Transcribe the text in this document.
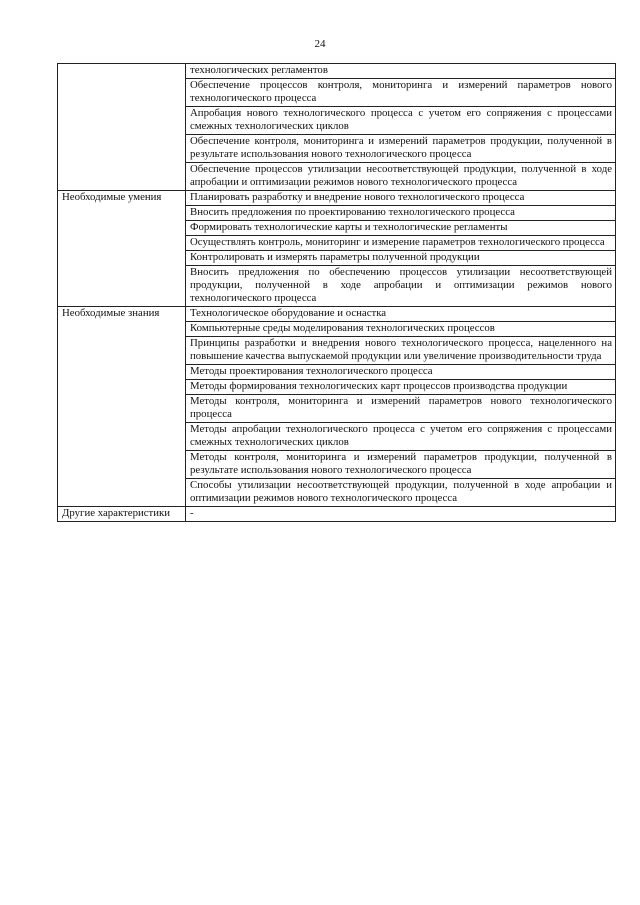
24
	технологических регламентов
	Обеспечение процессов контроля, мониторинга и измерений параметров нового технологического процесса
	Апробация нового технологического процесса с учетом его сопряжения с процессами смежных технологических циклов
	Обеспечение контроля, мониторинга и измерений параметров продукции, полученной в результате использования нового технологического процесса
	Обеспечение процессов утилизации несоответствующей продукции, полученной в ходе апробации и оптимизации режимов нового технологического процесса
Необходимые умения	Планировать разработку и внедрение нового технологического процесса
	Вносить предложения по проектированию технологического процесса
	Формировать технологические карты и технологические регламенты
	Осуществлять контроль, мониторинг и измерение параметров технологического процесса
	Контролировать и измерять параметры полученной продукции
	Вносить предложения по обеспечению процессов утилизации несоответствующей продукции, полученной в ходе апробации и оптимизации режимов нового технологического процесса
Необходимые знания	Технологическое оборудование и оснастка
	Компьютерные среды моделирования технологических процессов
	Принципы разработки и внедрения нового технологического процесса, нацеленного на повышение качества выпускаемой продукции или увеличение производительности труда
	Методы проектирования технологического процесса
	Методы формирования технологических карт процессов производства продукции
	Методы контроля, мониторинга и измерений параметров нового технологического процесса
	Методы апробации технологического процесса с учетом его сопряжения с процессами смежных технологических циклов
	Методы контроля, мониторинга и измерений параметров продукции, полученной в результате использования нового технологического процесса
	Способы утилизации несоответствующей продукции, полученной в ходе апробации и оптимизации режимов нового технологического процесса
Другие характеристики	-
